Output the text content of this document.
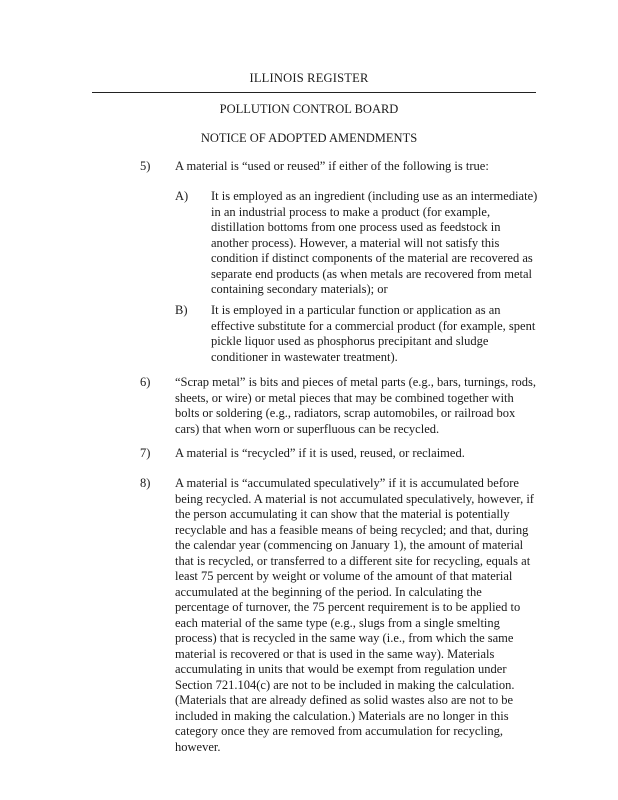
ILLINOIS REGISTER
POLLUTION CONTROL BOARD
NOTICE OF ADOPTED AMENDMENTS
5) A material is “used or reused” if either of the following is true:
A) It is employed as an ingredient (including use as an intermediate) in an industrial process to make a product (for example, distillation bottoms from one process used as feedstock in another process). However, a material will not satisfy this condition if distinct components of the material are recovered as separate end products (as when metals are recovered from metal containing secondary materials); or
B) It is employed in a particular function or application as an effective substitute for a commercial product (for example, spent pickle liquor used as phosphorus precipitant and sludge conditioner in wastewater treatment).
6) “Scrap metal” is bits and pieces of metal parts (e.g., bars, turnings, rods, sheets, or wire) or metal pieces that may be combined together with bolts or soldering (e.g., radiators, scrap automobiles, or railroad box cars) that when worn or superfluous can be recycled.
7) A material is “recycled” if it is used, reused, or reclaimed.
8) A material is “accumulated speculatively” if it is accumulated before being recycled. A material is not accumulated speculatively, however, if the person accumulating it can show that the material is potentially recyclable and has a feasible means of being recycled; and that, during the calendar year (commencing on January 1), the amount of material that is recycled, or transferred to a different site for recycling, equals at least 75 percent by weight or volume of the amount of that material accumulated at the beginning of the period. In calculating the percentage of turnover, the 75 percent requirement is to be applied to each material of the same type (e.g., slugs from a single smelting process) that is recycled in the same way (i.e., from which the same material is recovered or that is used in the same way). Materials accumulating in units that would be exempt from regulation under Section 721.104(c) are not to be included in making the calculation. (Materials that are already defined as solid wastes also are not to be included in making the calculation.) Materials are no longer in this category once they are removed from accumulation for recycling, however.
